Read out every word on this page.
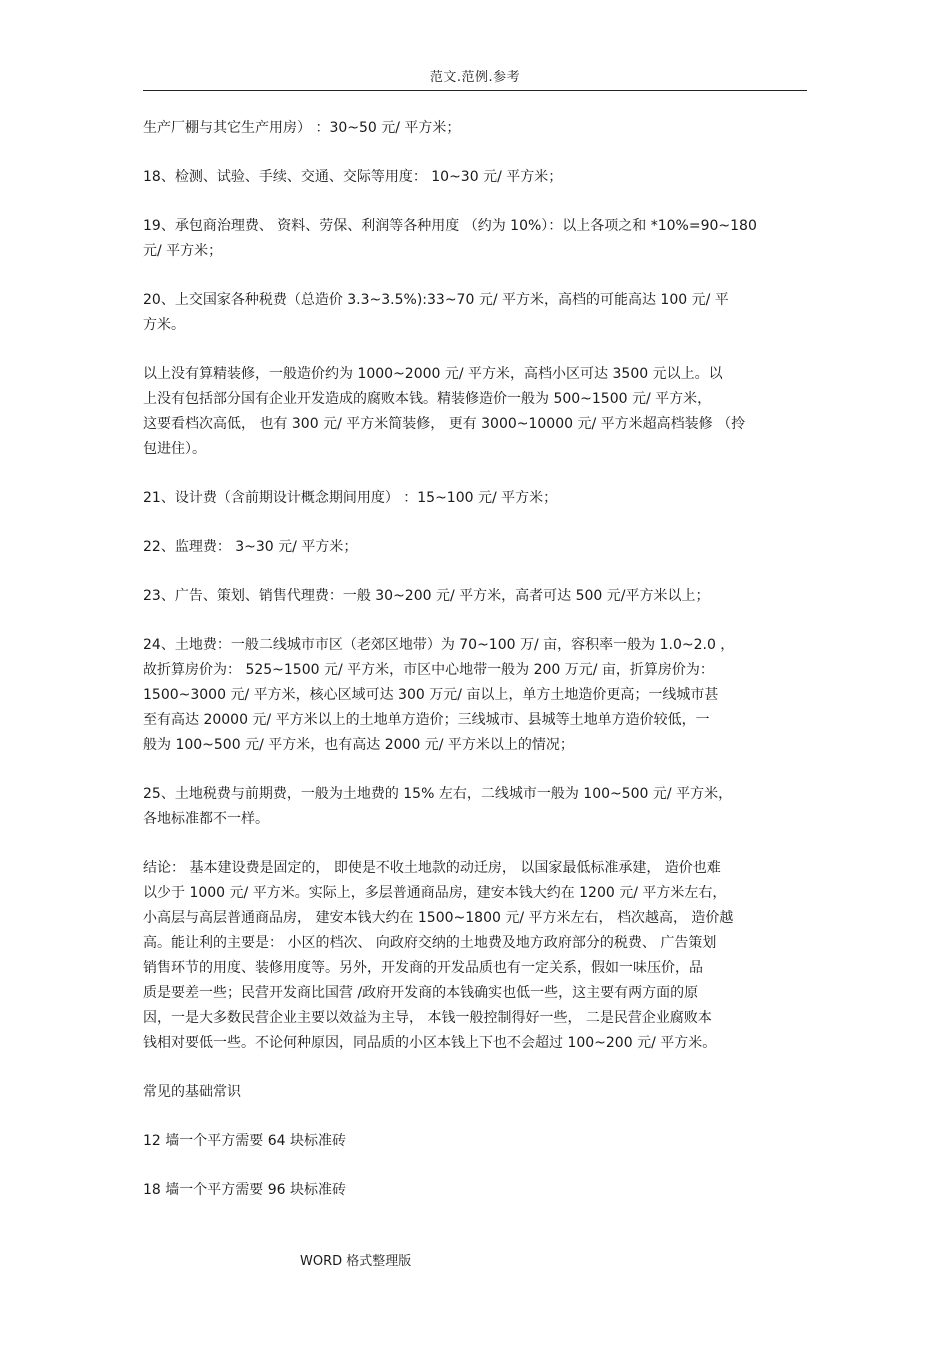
范文.范例.参考

生产厂棚与其它生产用房） ：30~50 元/ 平方米；

18、检测、试验、手续、交通、交际等用度： 10~30 元/ 平方米；

19、承包商治理费、 资料、劳保、利润等各种用度 （约为 10%）：以上各项之和 *10%=90~180
元/ 平方米；

20、上交国家各种税费（总造价 3.3~3.5%):33~70 元/ 平方米，高档的可能高达 100 元/ 平
方米。

以上没有算精装修，一般造价约为 1000~2000 元/ 平方米，高档小区可达 3500 元以上。以
上没有包括部分国有企业开发造成的腐败本钱。精装修造价一般为 500~1500 元/ 平方米，
这要看档次高低， 也有 300 元/ 平方米简装修， 更有 3000~10000 元/ 平方米超高档装修 （拎
包进住）。

21、设计费（含前期设计概念期间用度） ：15~100 元/ 平方米；

22、监理费： 3~30 元/ 平方米；

23、广告、策划、销售代理费：一般 30~200 元/ 平方米，高者可达 500 元/平方米以上；

24、土地费：一般二线城市市区（老郊区地带）为 70~100 万/ 亩，容积率一般为 1.0~2.0 ，
故折算房价为： 525~1500 元/ 平方米，市区中心地带一般为 200 万元/ 亩，折算房价为：
1500~3000 元/ 平方米，核心区域可达 300 万元/ 亩以上，单方土地造价更高；一线城市甚
至有高达 20000 元/ 平方米以上的土地单方造价；三线城市、县城等土地单方造价较低，一
般为 100~500 元/ 平方米，也有高达 2000 元/ 平方米以上的情况；

25、土地税费与前期费，一般为土地费的 15% 左右，二线城市一般为 100~500 元/ 平方米，
各地标准都不一样。

结论： 基本建设费是固定的， 即使是不收土地款的动迁房， 以国家最低标准承建， 造价也难
以少于 1000 元/ 平方米。实际上，多层普通商品房，建安本钱大约在 1200 元/ 平方米左右，
小高层与高层普通商品房， 建安本钱大约在 1500~1800 元/ 平方米左右， 档次越高， 造价越
高。能让利的主要是： 小区的档次、 向政府交纳的土地费及地方政府部分的税费、 广告策划
销售环节的用度、装修用度等。另外，开发商的开发品质也有一定关系，假如一味压价，品
质是要差一些；民营开发商比国营 /政府开发商的本钱确实也低一些，这主要有两方面的原
因，一是大多数民营企业主要以效益为主导， 本钱一般控制得好一些， 二是民营企业腐败本
钱相对要低一些。不论何种原因，同品质的小区本钱上下也不会超过 100~200 元/ 平方米。

常见的基础常识

12 墙一个平方需要 64 块标准砖

18 墙一个平方需要 96 块标准砖

WORD 格式整理版
